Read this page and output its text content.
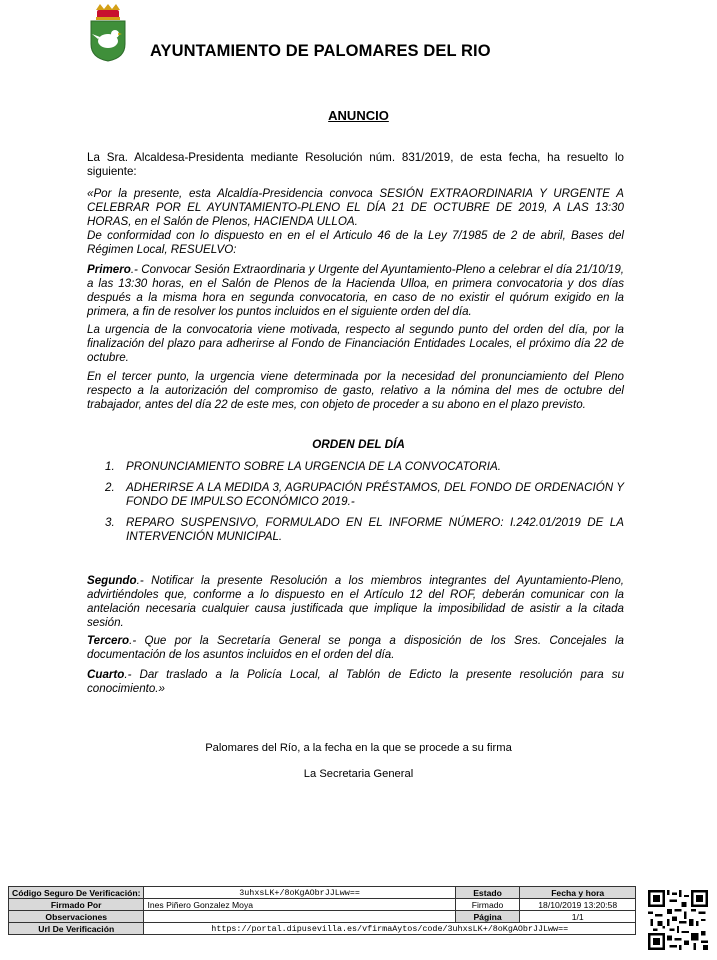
AYUNTAMIENTO DE PALOMARES DEL RIO
ANUNCIO
La Sra. Alcaldesa-Presidenta mediante Resolución núm. 831/2019, de esta fecha, ha resuelto lo siguiente:
«Por la presente, esta Alcaldía-Presidencia convoca SESIÓN EXTRAORDINARIA Y URGENTE A CELEBRAR POR EL AYUNTAMIENTO-PLENO EL DÍA 21 DE OCTUBRE DE 2019, A LAS 13:30 HORAS, en el Salón de Plenos, HACIENDA ULLOA.
De conformidad con lo dispuesto en en el el Articulo 46 de la Ley 7/1985 de 2 de abril, Bases del Régimen Local, RESUELVO:
Primero.- Convocar Sesión Extraordinaria y Urgente del Ayuntamiento-Pleno a celebrar el día 21/10/19, a las 13:30 horas, en el Salón de Plenos de la Hacienda Ulloa, en primera convocatoria y dos días después a la misma hora en segunda convocatoria, en caso de no existir el quórum exigido en la primera, a fin de resolver los puntos incluidos en el siguiente orden del día.
La urgencia de la convocatoria viene motivada, respecto al segundo punto del orden del día, por la finalización del plazo para adherirse al Fondo de Financiación Entidades Locales, el próximo día 22 de octubre.
En el tercer punto, la urgencia viene determinada por la necesidad del pronunciamiento del Pleno respecto a la autorización del compromiso de gasto, relativo a la nómina del mes de octubre del trabajador, antes del día 22 de este mes, con objeto de proceder a su abono en el plazo previsto.
ORDEN DEL DÍA
1. PRONUNCIAMIENTO SOBRE LA URGENCIA DE LA CONVOCATORIA.
2. ADHERIRSE A LA MEDIDA 3, AGRUPACIÓN PRÉSTAMOS, DEL FONDO DE ORDENACIÓN Y FONDO DE IMPULSO ECONÓMICO 2019.-
3. REPARO SUSPENSIVO, FORMULADO EN EL INFORME NÚMERO: I.242.01/2019 DE LA INTERVENCIÓN MUNICIPAL.
Segundo.- Notificar la presente Resolución a los miembros integrantes del Ayuntamiento-Pleno, advirtiéndoles que, conforme a lo dispuesto en el Artículo 12 del ROF, deberán comunicar con la antelación necesaria cualquier causa justificada que implique la imposibilidad de asistir a la citada sesión.
Tercero.- Que por la Secretaría General se ponga a disposición de los Sres. Concejales la documentación de los asuntos incluidos en el orden del día.
Cuarto.- Dar traslado a la Policía Local, al Tablón de Edicto la presente resolución para su conocimiento.»
Palomares del Río, a la fecha en la que se procede a su firma
La Secretaria General
Código Seguro De Verificación:	3uhxsLK+/8oKgAObrJJLww==	Estado	Fecha y hora
Firmado Por	Ines Piñero Gonzalez Moya	Firmado	18/10/2019 13:20:58
Observaciones		Página	1/1
Url De Verificación	https://portal.dipusevilla.es/vfirmaAytos/code/3uhxsLK+/8oKgAObrJJLww==		
